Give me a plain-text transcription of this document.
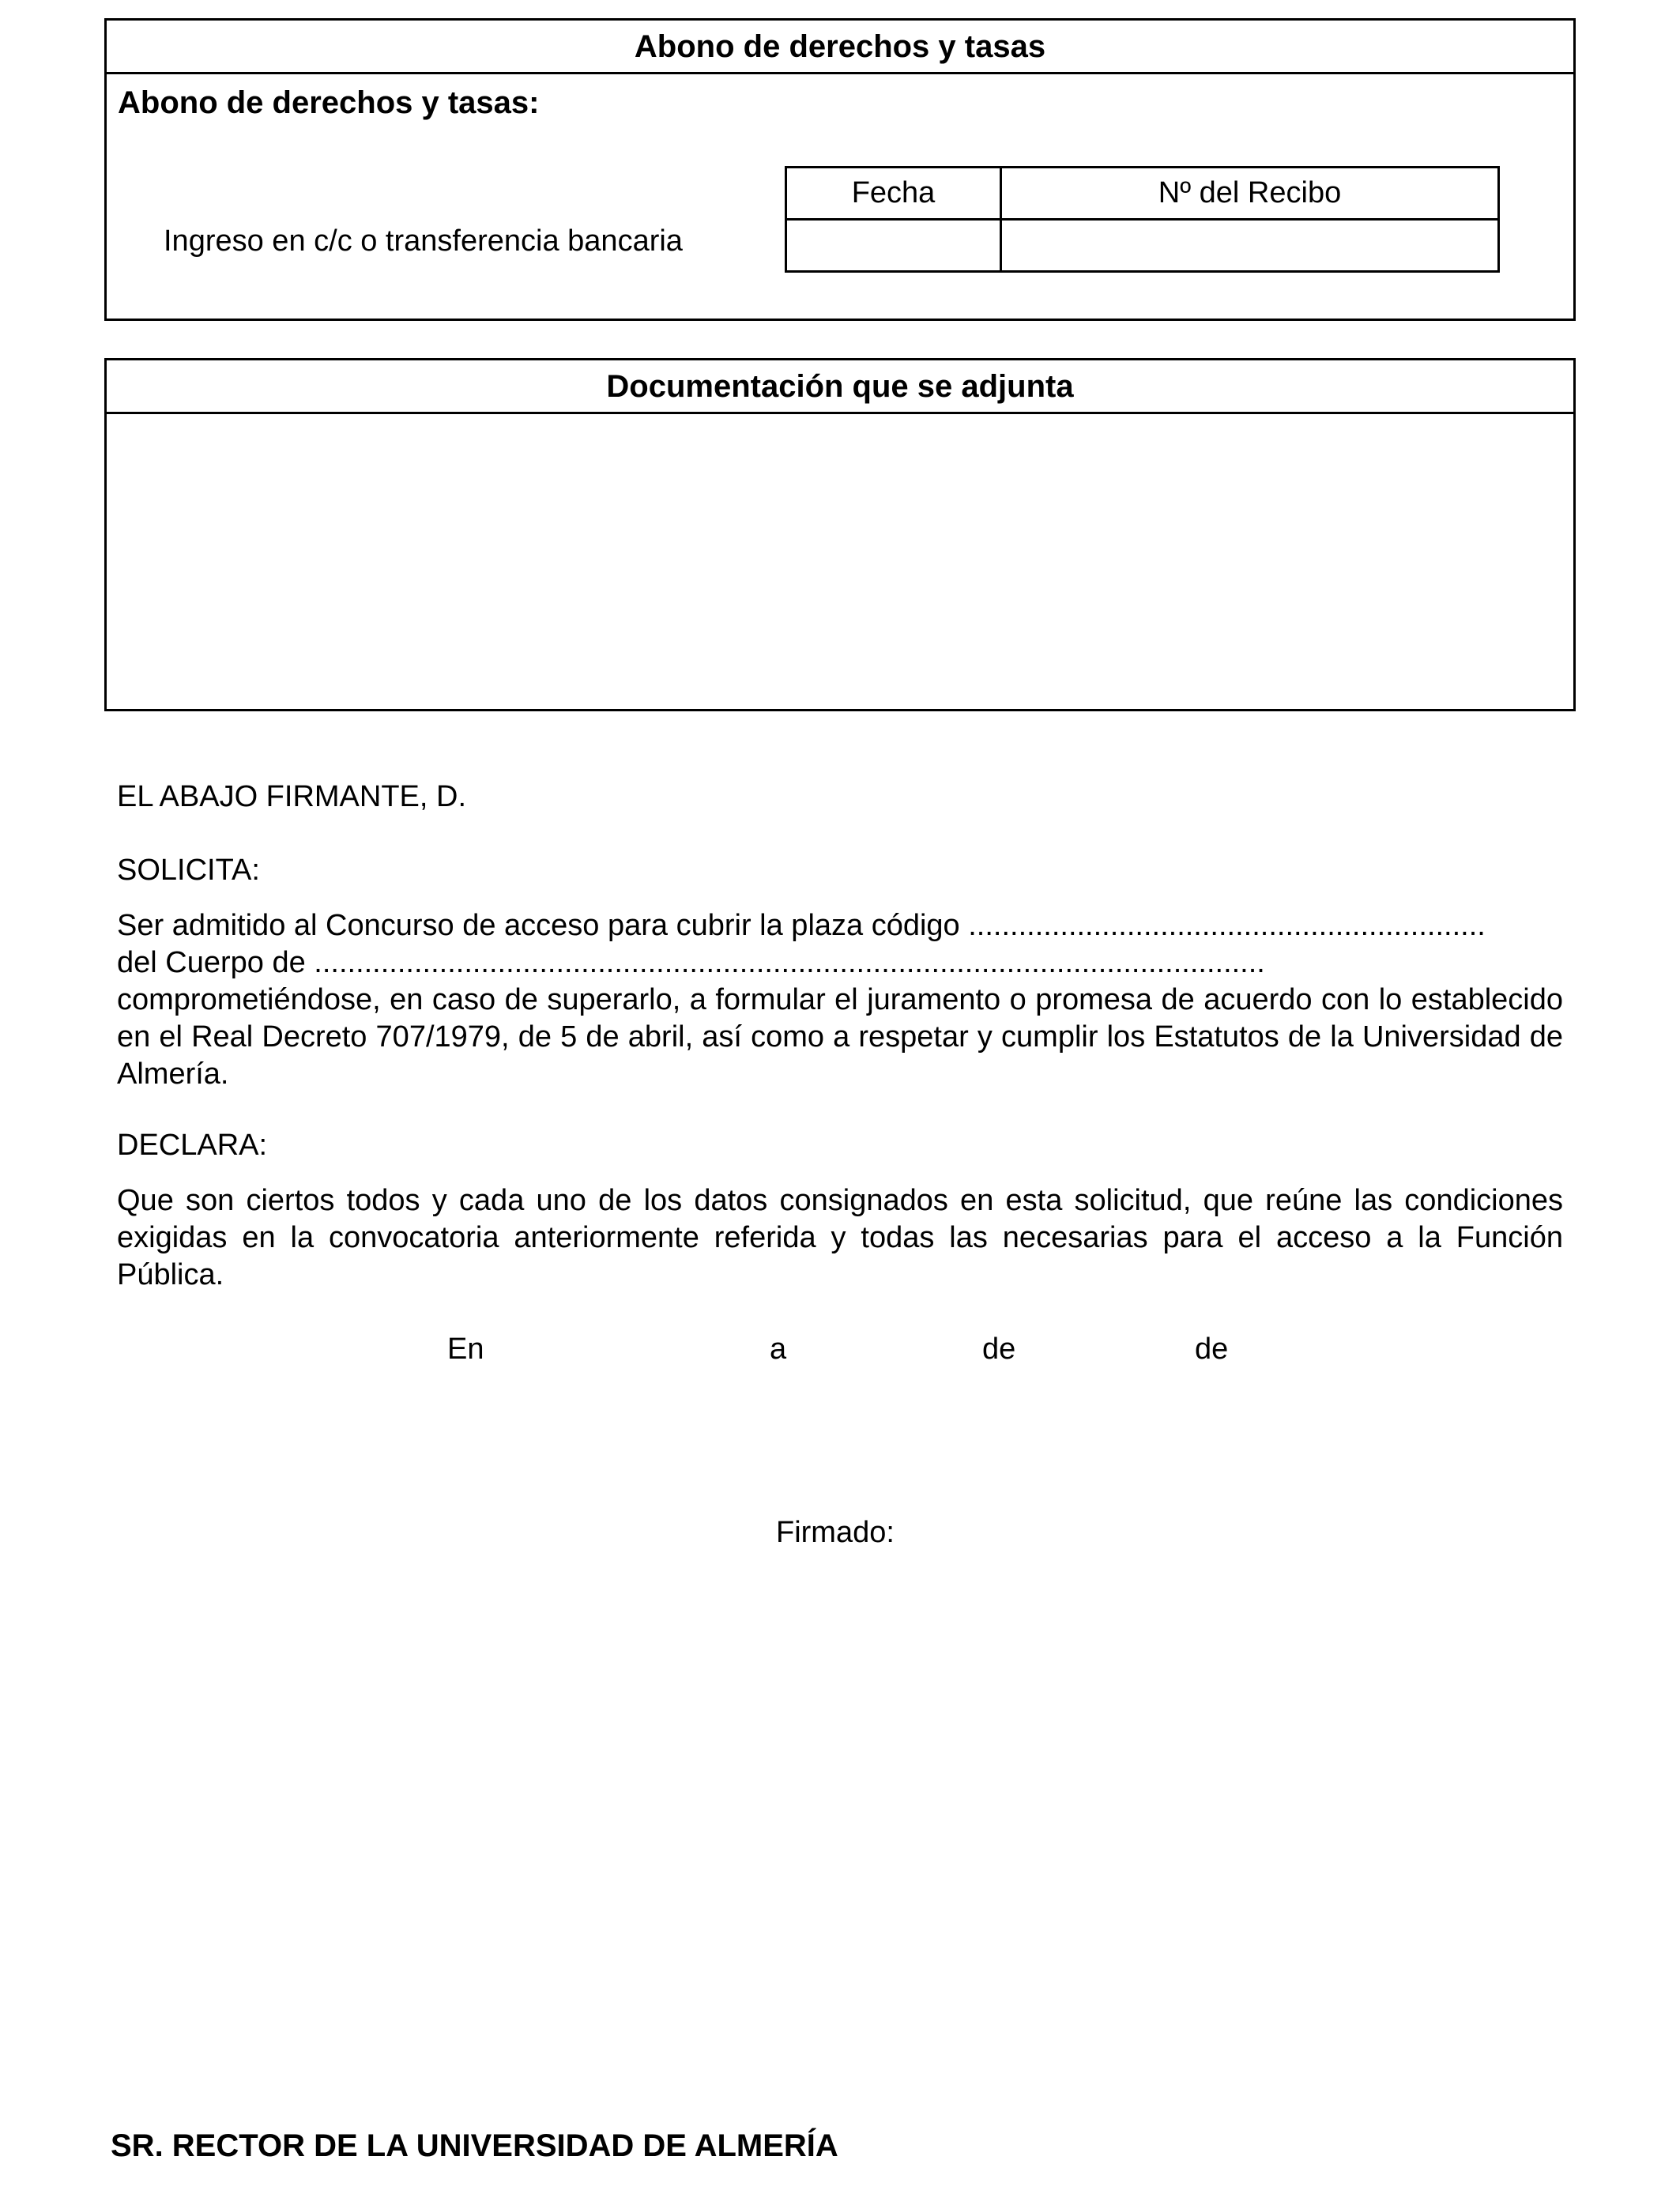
Abono de derechos y tasas
Abono de derechos y tasas:
Ingreso en c/c o transferencia bancaria
Fecha	Nº del Recibo

Documentación que se adjunta
EL ABAJO FIRMANTE, D.
SOLICITA:
Ser admitido al Concurso de acceso para cubrir la plaza código ..............................................................
del Cuerpo de ..................................................................................................................
comprometiéndose, en caso de superarlo, a formular el juramento o promesa de acuerdo con lo establecido en el Real Decreto 707/1979, de 5 de abril, así como a respetar y cumplir los Estatutos de la Universidad de Almería.
DECLARA:
Que son ciertos todos y cada uno de los datos consignados en esta solicitud, que reúne las condiciones exigidas en la convocatoria anteriormente referida y todas las necesarias para el acceso a la Función Pública.
En	a	de	de
Firmado:
SR. RECTOR DE LA UNIVERSIDAD DE ALMERÍA
